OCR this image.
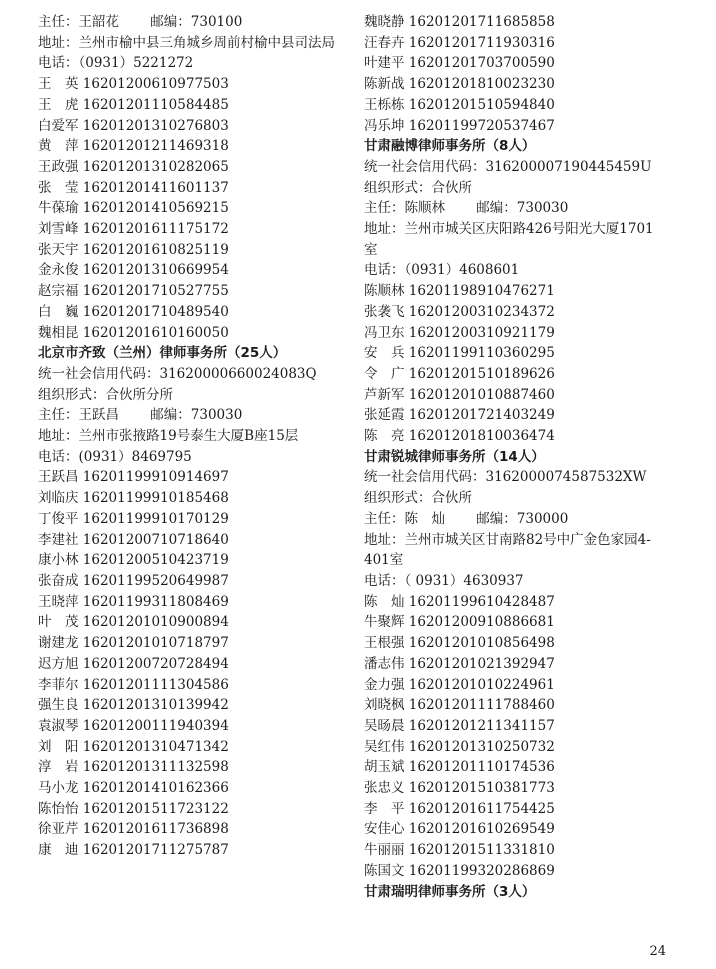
主任：王韶花　　 邮编：730100
地址：兰州市榆中县三角城乡周前村榆中县司法局
电话：（0931）5221272
王　英 16201200610977503
王　虎 16201201110584485
白爱军 16201201310276803
黄　萍 16201201211469318
王政强 16201201310282065
张　莹 16201201411601137
牛葆瑜 16201201410569215
刘雪峰 16201201611175172
张天宇 16201201610825119
金永俊 16201201310669954
赵宗福 16201201710527755
白　巍 16201201710489540
魏相昆 16201201610160050
北京市齐致（兰州）律师事务所（25人）
统一社会信用代码：31620000660024083Q
组织形式：合伙所分所
主任：王跃昌　　 邮编：730030
地址：兰州市张掖路19号泰生大厦B座15层
电话：(0931）8469795
王跃昌 16201199910914697
刘临庆 16201199910185468
丁俊平 16201199910170129
李建社 16201200710718640
康小林 16201200510423719
张奋成 16201199520649987
王晓萍 16201199311808469
叶　茂 16201201010900894
谢建龙 16201201010718797
迟方旭 16201200720728494
李菲尔 16201201111304586
强生良 16201201310139942
袁淑琴 16201200111940394
刘　阳 16201201310471342
淳　岩 16201201311132598
马小龙 16201201410162366
陈怡怡 16201201511723122
徐亚芹 16201201611736898
康　迪 16201201711275787
魏晓静 16201201711685858
汪春卉 16201201711930316
叶建平 16201201703700590
陈新战 16201201810023230
王栎栋 16201201510594840
冯乐坤 16201199720537467
甘肃融博律师事务所（8人）
统一社会信用代码：316200007190445459U
组织形式：合伙所
主任：陈顺林　　 邮编：730030
地址：兰州市城关区庆阳路426号阳光大厦1701室
电话：（0931）4608601
陈顺林 16201198910476271
张袭飞 16201200310234372
冯卫东 16201200310921179
安　兵 16201199110360295
令　广 16201201510189626
芦新军 16201201010887460
张延霞 16201201721403249
陈　亮 16201201810036474
甘肃锐城律师事务所（14人）
统一社会信用代码：3162000074587532XW
组织形式：合伙所
主任：陈　灿　　 邮编：730000
地址：兰州市城关区甘南路82号中广金色家园4-401室
电话：（ 0931）4630937
陈　灿 16201199610428487
牛聚辉 16201200910886681
王根强 16201201010856498
潘志伟 16201201021392947
金力强 16201201010224961
刘晓枫 16201201111788460
吴旸晨 16201201211341157
吴红伟 16201201310250732
胡玉斌 16201201110174536
张忠义 16201201510381773
李　平 16201201611754425
安佳心 16201201610269549
牛丽丽 16201201511331810
陈国文 16201199320286869
甘肃瑞明律师事务所（3人）
24
